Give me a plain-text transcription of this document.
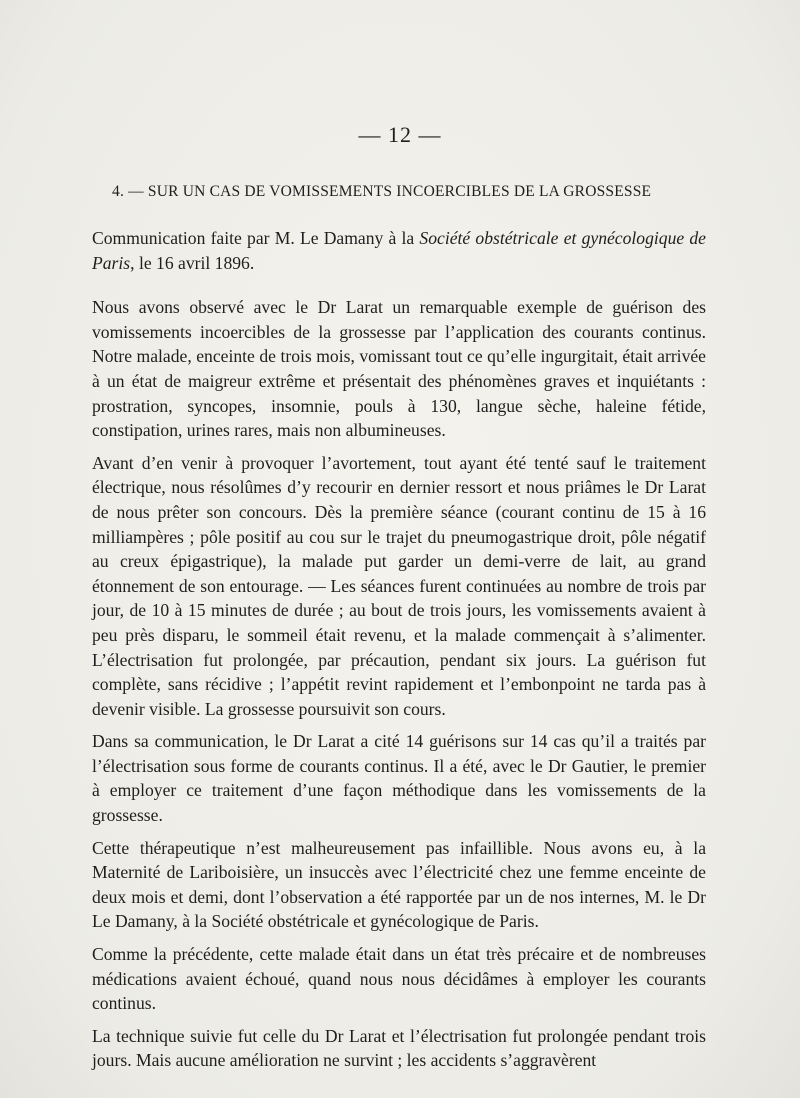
— 12 —
4. — SUR UN CAS DE VOMISSEMENTS INCOERCIBLES DE LA GROSSESSE

Communication faite par M. Le Damany à la Société obstétricale et gynécologique de Paris, le 16 avril 1896.

Nous avons observé avec le Dr Larat un remarquable exemple de guérison des vomissements incoercibles de la grossesse par l’application des courants continus. Notre malade, enceinte de trois mois, vomissant tout ce qu’elle ingurgitait, était arrivée à un état de maigreur extrême et présentait des phénomènes graves et inquiétants : prostration, syncopes, insomnie, pouls à 130, langue sèche, haleine fétide, constipation, urines rares, mais non albumineuses.

Avant d’en venir à provoquer l’avortement, tout ayant été tenté sauf le traitement électrique, nous résolûmes d’y recourir en dernier ressort et nous priâmes le Dr Larat de nous prêter son concours. Dès la première séance (courant continu de 15 à 16 milliampères ; pôle positif au cou sur le trajet du pneumogastrique droit, pôle négatif au creux épigastrique), la malade put garder un demi-verre de lait, au grand étonnement de son entourage. — Les séances furent continuées au nombre de trois par jour, de 10 à 15 minutes de durée ; au bout de trois jours, les vomissements avaient à peu près disparu, le sommeil était revenu, et la malade commençait à s’alimenter. L’électrisation fut prolongée, par précaution, pendant six jours. La guérison fut complète, sans récidive ; l’appétit revint rapidement et l’embonpoint ne tarda pas à devenir visible. La grossesse poursuivit son cours.

Dans sa communication, le Dr Larat a cité 14 guérisons sur 14 cas qu’il a traités par l’électrisation sous forme de courants continus. Il a été, avec le Dr Gautier, le premier à employer ce traitement d’une façon méthodique dans les vomissements de la grossesse.

Cette thérapeutique n’est malheureusement pas infaillible. Nous avons eu, à la Maternité de Lariboisière, un insuccès avec l’électricité chez une femme enceinte de deux mois et demi, dont l’observation a été rapportée par un de nos internes, M. le Dr Le Damany, à la Société obstétricale et gynécologique de Paris.

Comme la précédente, cette malade était dans un état très précaire et de nombreuses médications avaient échoué, quand nous nous décidâmes à employer les courants continus.

La technique suivie fut celle du Dr Larat et l’électrisation fut prolongée pendant trois jours. Mais aucune amélioration ne survint ; les accidents s’aggravèrent
